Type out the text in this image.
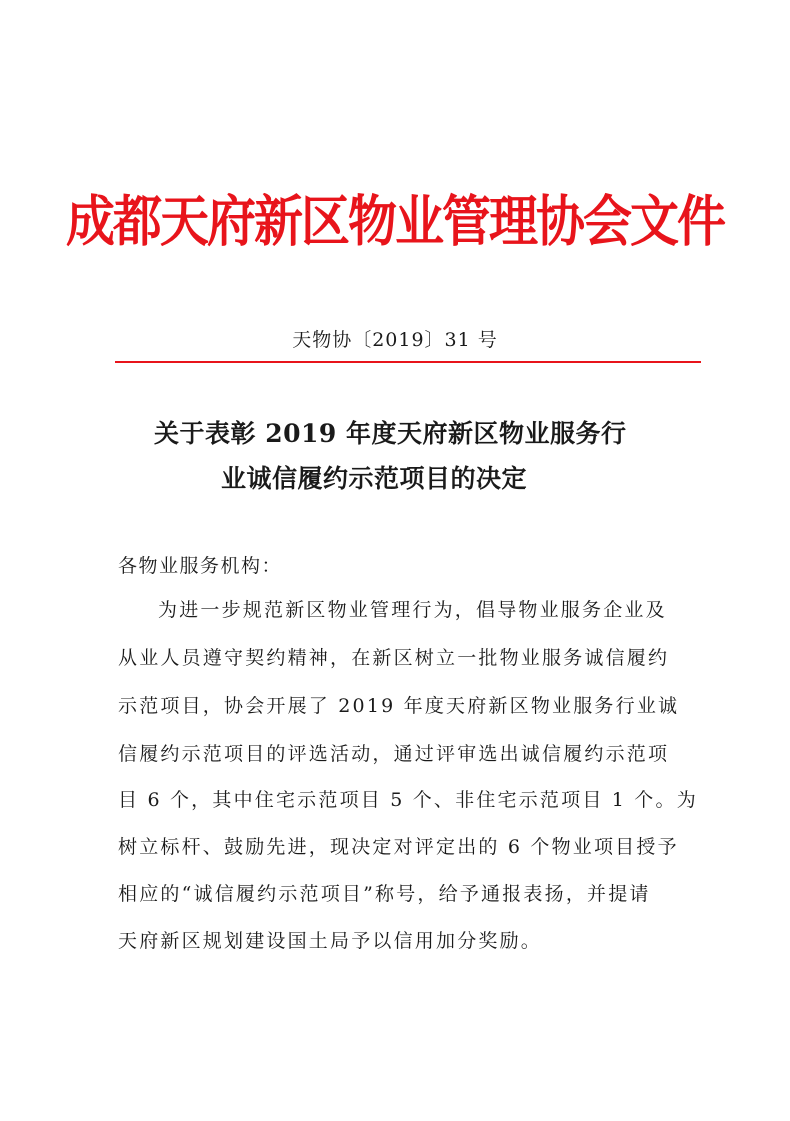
成都天府新区物业管理协会文件
天物协〔2019〕31 号
关于表彰 2019 年度天府新区物业服务行
业诚信履约示范项目的决定
各物业服务机构：
为进一步规范新区物业管理行为，倡导物业服务企业及
从业人员遵守契约精神，在新区树立一批物业服务诚信履约
示范项目，协会开展了 2019 年度天府新区物业服务行业诚
信履约示范项目的评选活动，通过评审选出诚信履约示范项
目 6 个，其中住宅示范项目 5 个、非住宅示范项目 1 个。为
树立标杆、鼓励先进，现决定对评定出的 6 个物业项目授予
相应的“诚信履约示范项目”称号，给予通报表扬，并提请
天府新区规划建设国土局予以信用加分奖励。
